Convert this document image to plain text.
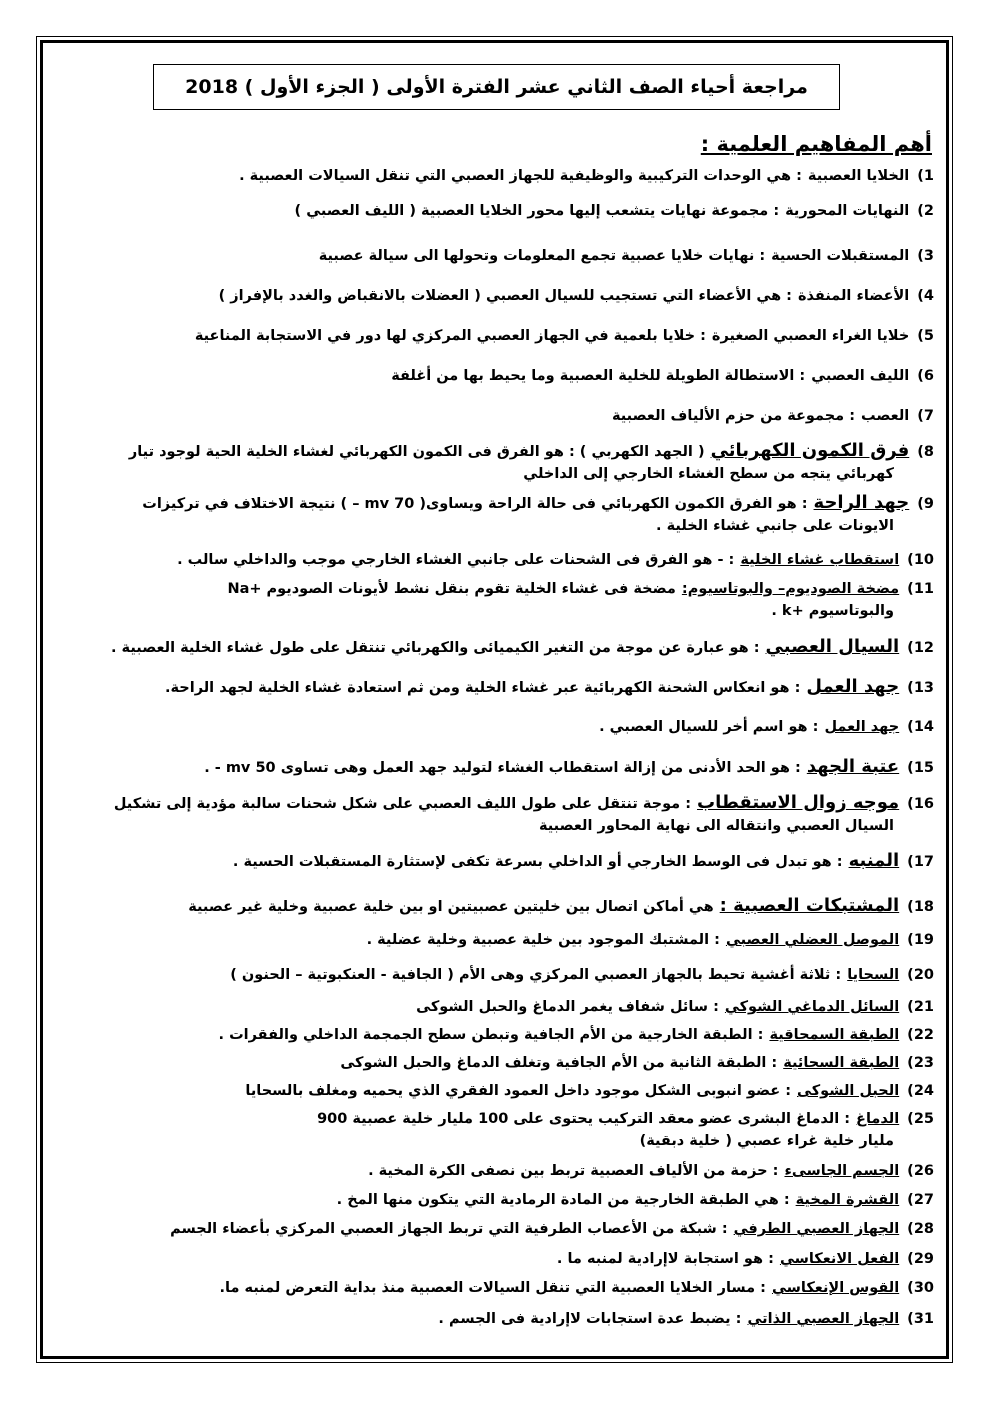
مراجعة أحياء الصف الثاني عشر الفترة الأولى ( الجزء الأول ) 2018
أهم المفاهيم العلمية :
1)الخلايا العصبية: هي الوحدات التركيبية والوظيفية للجهاز العصبي التي تنقل السيالات العصبية .
2)النهايات المحورية: مجموعة نهايات يتشعب إليها محور الخلايا العصبية ( الليف العصبي )
3)المستقبلات الحسية: نهايات خلايا عصبية تجمع المعلومات وتحولها الى سيالة عصبية
4)الأعضاء المنفذة: هي الأعضاء التي تستجيب للسيال العصبي ( العضلات بالانقباض والغدد بالإفراز )
5)خلايا الغراء العصبي الصغيرة: خلايا بلعمية في الجهاز العصبي المركزي لها دور في الاستجابة المناعية
6)الليف العصبي: الاستطالة الطويلة للخلية العصبية وما يحيط بها من أغلفة
7)العصب: مجموعة من حزم الألياف العصبية
8)فرق الكمون الكهربائي( الجهد الكهربي ) : هو الفرق فى الكمون الكهربائي لغشاء الخلية الحية لوجود تيار
كهربائي يتجه من سطح الغشاء الخارجي إلى الداخلي
9)جهد الراحة: هو الفرق الكمون الكهربائي فى حالة الراحة ويساوى( 70 mv – ) نتيجة الاختلاف في تركيزات
الايونات على جانبي غشاء الخلية .
10)استقطاب غشاء الخلية: - هو الفرق فى الشحنات على جانبي الغشاء الخارجي موجب والداخلي سالب .
11)مضخة الصوديوم– والبوتاسيوم:مضخة فى غشاء الخلية تقوم بنقل نشط لأيونات الصوديوم +Na
والبوتاسيوم +k .
12)السيال العصبي: هو عبارة عن موجة من التغير الكيميائى والكهربائي تنتقل على طول غشاء الخلية العصبية .
13)جهد العمل: هو انعكاس الشحنة الكهربائية عبر غشاء الخلية ومن ثم استعادة غشاء الخلية لجهد الراحة.
14)جهد العمل: هو اسم أخر للسيال العصبي .
15)عتبة الجهد: هو الحد الأدنى من إزالة استقطاب الغشاء لتوليد جهد العمل وهى تساوى 50 mv - .
16)موجه زوال الاستقطاب: موجة تنتقل على طول الليف العصبي على شكل شحنات سالبة مؤدية إلى تشكيل
السيال العصبي وانتقاله الى نهاية المحاور العصبية
17)المنبه: هو تبدل فى الوسط الخارجي أو الداخلي بسرعة تكفى لإستثارة المستقبلات الحسية .
18)المشتبكات العصبية :هي أماكن اتصال بين خليتين عصبيتين او بين خلية عصبية وخلية غير عصبية
19)الموصل العضلي العصبي: المشتبك الموجود بين خلية عصبية وخلية عضلية .
20)السحايا: ثلاثة أغشية تحيط بالجهاز العصبي المركزي وهى الأم ( الجافية - العنكبوتية – الحنون )
21)السائل الدماغي الشوكي: سائل شفاف يغمر الدماغ والحبل الشوكى
22)الطبقة السمحاقية: الطبقة الخارجية من الأم الجافية وتبطن سطح الجمجمة الداخلي والفقرات .
23)الطبقة السحائية: الطبقة الثانية من الأم الجافية وتغلف الدماغ والحبل الشوكى
24)الحبل الشوكى: عضو انبوبى الشكل موجود داخل العمود الفقري الذي يحميه ومغلف بالسحايا
25)الدماغ: الدماغ البشرى عضو معقد التركيب يحتوى على 100 مليار خلية عصبية 900
مليار خلية غراء عصبي ( خلية دبقية)
26)الجسم الجاسىء: حزمة من الألياف العصبية تربط بين نصفى الكرة المخية .
27)القشرة المخية: هي الطبقة الخارجية من المادة الرمادية التي يتكون منها المخ .
28)الجهاز العصبي الطرفي: شبكة من الأعصاب الطرفية التي تربط الجهاز العصبي المركزي بأعضاء الجسم
29)الفعل الانعكاسي: هو استجابة لاإرادية لمنبه ما .
30)القوس الإنعكاسي: مسار الخلايا العصبية التي تنقل السيالات العصبية منذ بداية التعرض لمنبه ما.
31)الجهاز العصبي الذاتي: يضبط عدة استجابات لاإرادية فى الجسم .
